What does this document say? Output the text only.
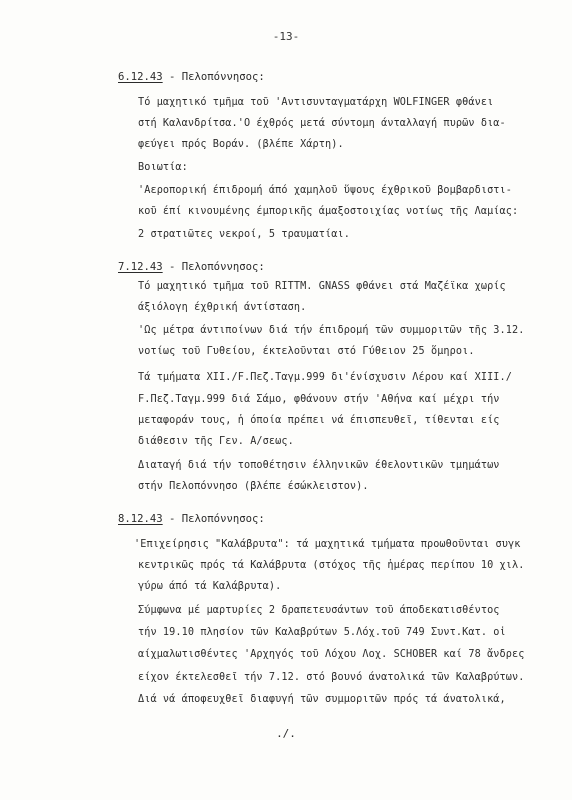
-13-
6.12.43 - Πελοπόννησος:
Τό μαχητικό τμῆμα τοῦ 'Αντισυνταγματάρχη WOLFINGER φθάνει
στή Καλανδρίτσα.'Ο έχθρός μετά σύντομη άνταλλαγή πυρῶν δια-
φεύγει πρός Βοράν. (βλέπε Χάρτη).
Βοιωτία:
'Αεροπορική έπιδρομή άπό χαμηλοῦ ὕψους έχθρικοῦ βομβαρδιστι-
κοῦ έπί κινουμένης έμπορικῆς άμαξοστοιχίας νοτίως τῆς Λαμίας:
2 στρατιῶτες νεκροί, 5 τραυματίαι.
7.12.43 - Πελοπόννησος:
Τό μαχητικό τμῆμα τοῦ RITTM. GNASS φθάνει στά Μαζέϊκα χωρίς
άξιόλογη έχθρική άντίσταση.
'Ως μέτρα άντιποίνων διά τήν έπιδρομή τῶν συμμοριτῶν τῆς 3.12.
νοτίως τοῦ Γυθείου, έκτελοῦνται στό Γύθειον 25 ὅμηροι.
Τά τμήματα XII./F.Πεζ.Ταγμ.999 δι'ένίσχυσιν Λέρου καί XIII./
F.Πεζ.Ταγμ.999 διά Σάμο, φθάνουν στήν 'Αθήνα καί μέχρι τήν
μεταφοράν τους, ἡ όποία πρέπει νά έπισπευθεῖ, τίθενται είς
διάθεσιν τῆς Γεν. Α/σεως.
Διαταγή διά τήν τοποθέτησιν έλληνικῶν έθελοντικῶν τμημάτων
στήν Πελοπόννησο (βλέπε έσώκλειστον).
8.12.43 - Πελοπόννησος:
'Επιχείρησις "Καλάβρυτα": τά μαχητικά τμήματα προωθοῦνται συγκ
κεντρικῶς πρός τά Καλάβρυτα (στόχος τῆς ἡμέρας περίπου 10 χιλ.
γύρω άπό τά Καλάβρυτα).
Σύμφωνα μέ μαρτυρίες 2 δραπετευσάντων τοῦ άποδεκατισθέντος
τήν 19.10 πλησίον τῶν Καλαβρύτων 5.Λόχ.τοῦ 749 Συντ.Κατ. οἱ
αίχμαλωτισθέντες 'Αρχηγός τοῦ Λόχου Λοχ. SCHOBER καί 78 ἄνδρες
είχον έκτελεσθεῖ τήν 7.12. στό βουνό άνατολικά τῶν Καλαβρύτων.
Διά νά άποφευχθεῖ διαφυγή τῶν συμμοριτῶν πρός τά άνατολικά,
./.
